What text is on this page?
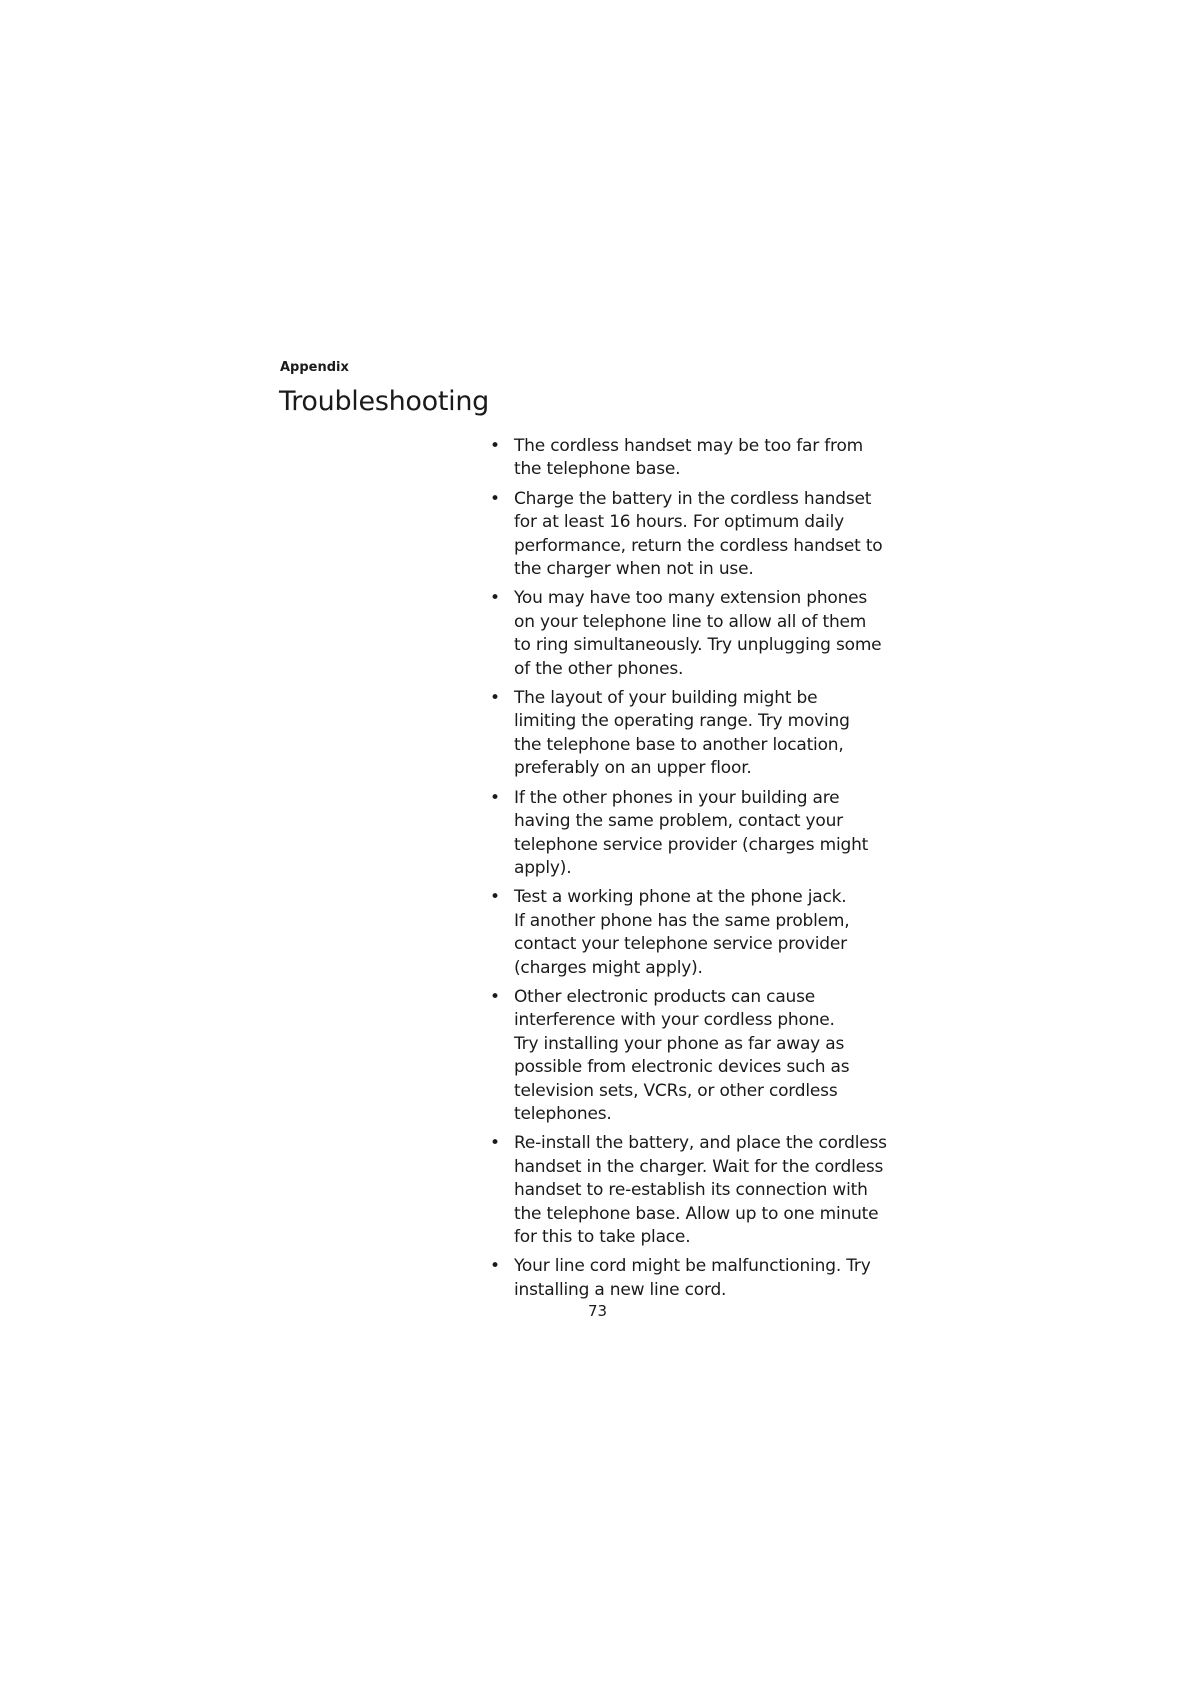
Appendix
Troubleshooting
• The cordless handset may be too far from
the telephone base.
• Charge the battery in the cordless handset
for at least 16 hours. For optimum daily
performance, return the cordless handset to
the charger when not in use.
• You may have too many extension phones
on your telephone line to allow all of them
to ring simultaneously. Try unplugging some
of the other phones.
• The layout of your building might be
limiting the operating range. Try moving
the telephone base to another location,
preferably on an upper floor.
• If the other phones in your building are
having the same problem, contact your
telephone service provider (charges might
apply).
• Test a working phone at the phone jack.
If another phone has the same problem,
contact your telephone service provider
(charges might apply).
• Other electronic products can cause
interference with your cordless phone.
Try installing your phone as far away as
possible from electronic devices such as
television sets, VCRs, or other cordless
telephones.
• Re-install the battery, and place the cordless
handset in the charger. Wait for the cordless
handset to re-establish its connection with
the telephone base. Allow up to one minute
for this to take place.
• Your line cord might be malfunctioning. Try
installing a new line cord.
73
